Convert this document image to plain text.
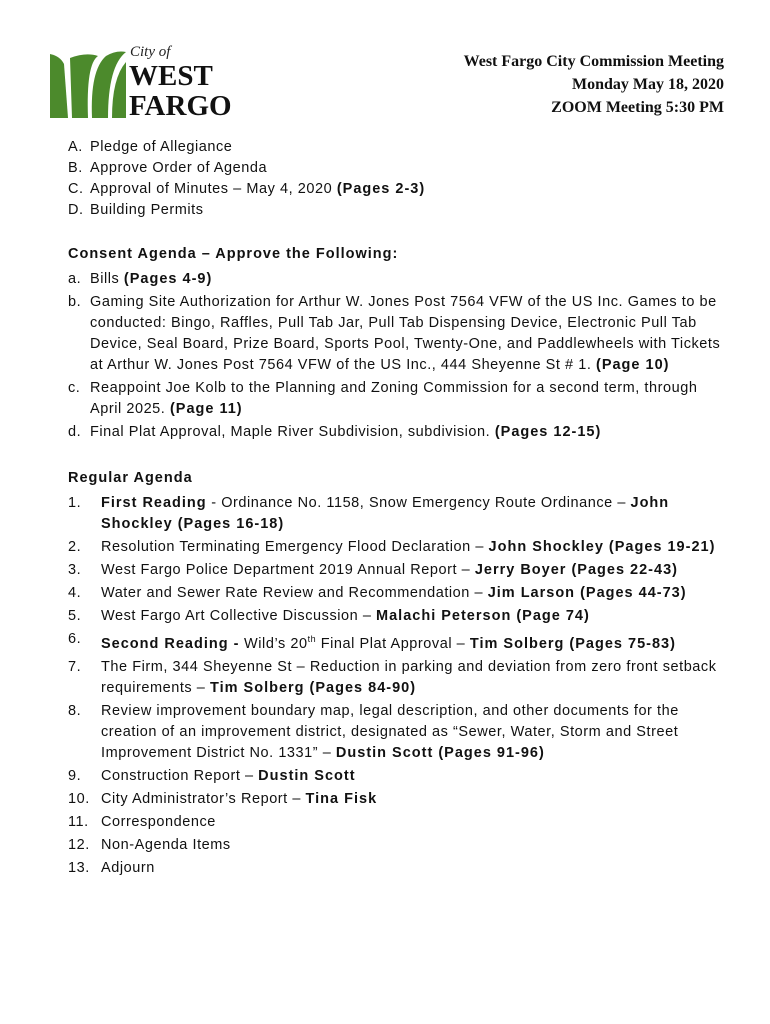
City of
WEST
FARGO
West Fargo City Commission Meeting
Monday May 18, 2020
ZOOM Meeting 5:30 PM
A. Pledge of Allegiance
B. Approve Order of Agenda
C. Approval of Minutes – May 4, 2020 (Pages 2-3)
D. Building Permits
Consent Agenda – Approve the Following:
a. Bills (Pages 4-9)
b. Gaming Site Authorization for Arthur W. Jones Post 7564 VFW of the US Inc. Games to be conducted: Bingo, Raffles, Pull Tab Jar, Pull Tab Dispensing Device, Electronic Pull Tab Device, Seal Board, Prize Board, Sports Pool, Twenty-One, and Paddlewheels with Tickets at Arthur W. Jones Post 7564 VFW of the US Inc., 444 Sheyenne St # 1. (Page 10)
c. Reappoint Joe Kolb to the Planning and Zoning Commission for a second term, through April 2025. (Page 11)
d. Final Plat Approval, Maple River Subdivision, subdivision. (Pages 12-15)
Regular Agenda
1.	First Reading - Ordinance No. 1158, Snow Emergency Route Ordinance – John Shockley (Pages 16-18)
2.	Resolution Terminating Emergency Flood Declaration – John Shockley (Pages 19-21)
3.	West Fargo Police Department 2019 Annual Report – Jerry Boyer (Pages 22-43)
4.	Water and Sewer Rate Review and Recommendation – Jim Larson (Pages 44-73)
5.	West Fargo Art Collective Discussion – Malachi Peterson (Page 74)
6.	Second Reading - Wild’s 20th Final Plat Approval – Tim Solberg (Pages 75-83)
7.	The Firm, 344 Sheyenne St – Reduction in parking and deviation from zero front setback requirements – Tim Solberg (Pages 84-90)
8.	Review improvement boundary map, legal description, and other documents for the creation of an improvement district, designated as “Sewer, Water, Storm and Street Improvement District No. 1331” – Dustin Scott (Pages 91-96)
9.	Construction Report – Dustin Scott
10. City Administrator’s Report – Tina Fisk
11. Correspondence
12. Non-Agenda Items
13. Adjourn
